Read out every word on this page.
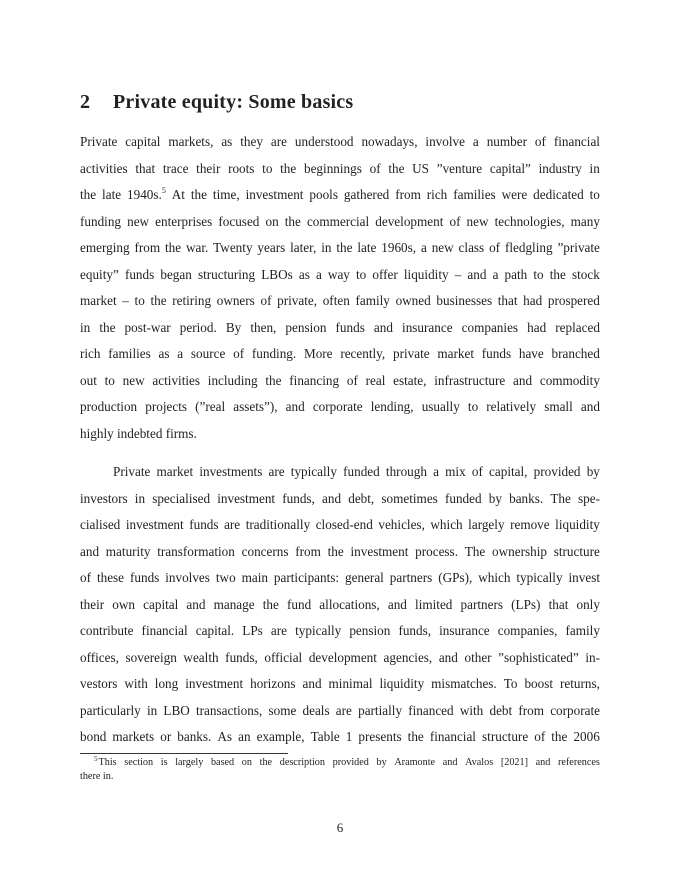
2 Private equity: Some basics
Private capital markets, as they are understood nowadays, involve a number of financial
activities that trace their roots to the beginnings of the US ”venture capital” industry in
the late 1940s.$^5$ At the time, investment pools gathered from rich families were dedicated to
funding new enterprises focused on the commercial development of new technologies, many
emerging from the war. Twenty years later, in the late 1960s, a new class of fledgling ”private
equity” funds began structuring LBOs as a way to offer liquidity – and a path to the stock
market – to the retiring owners of private, often family owned businesses that had prospered
in the post-war period. By then, pension funds and insurance companies had replaced
rich families as a source of funding. More recently, private market funds have branched
out to new activities including the financing of real estate, infrastructure and commodity
production projects (”real assets”), and corporate lending, usually to relatively small and
highly indebted firms.
Private market investments are typically funded through a mix of capital, provided by
investors in specialised investment funds, and debt, sometimes funded by banks. The spe-
cialised investment funds are traditionally closed-end vehicles, which largely remove liquidity
and maturity transformation concerns from the investment process. The ownership structure
of these funds involves two main participants: general partners (GPs), which typically invest
their own capital and manage the fund allocations, and limited partners (LPs) that only
contribute financial capital. LPs are typically pension funds, insurance companies, family
offices, sovereign wealth funds, official development agencies, and other ”sophisticated” in-
vestors with long investment horizons and minimal liquidity mismatches. To boost returns,
particularly in LBO transactions, some deals are partially financed with debt from corporate
bond markets or banks. As an example, Table 1 presents the financial structure of the 2006
$^5$ This section is largely based on the description provided by Aramonte and Avalos [2021] and references
there in.
6
